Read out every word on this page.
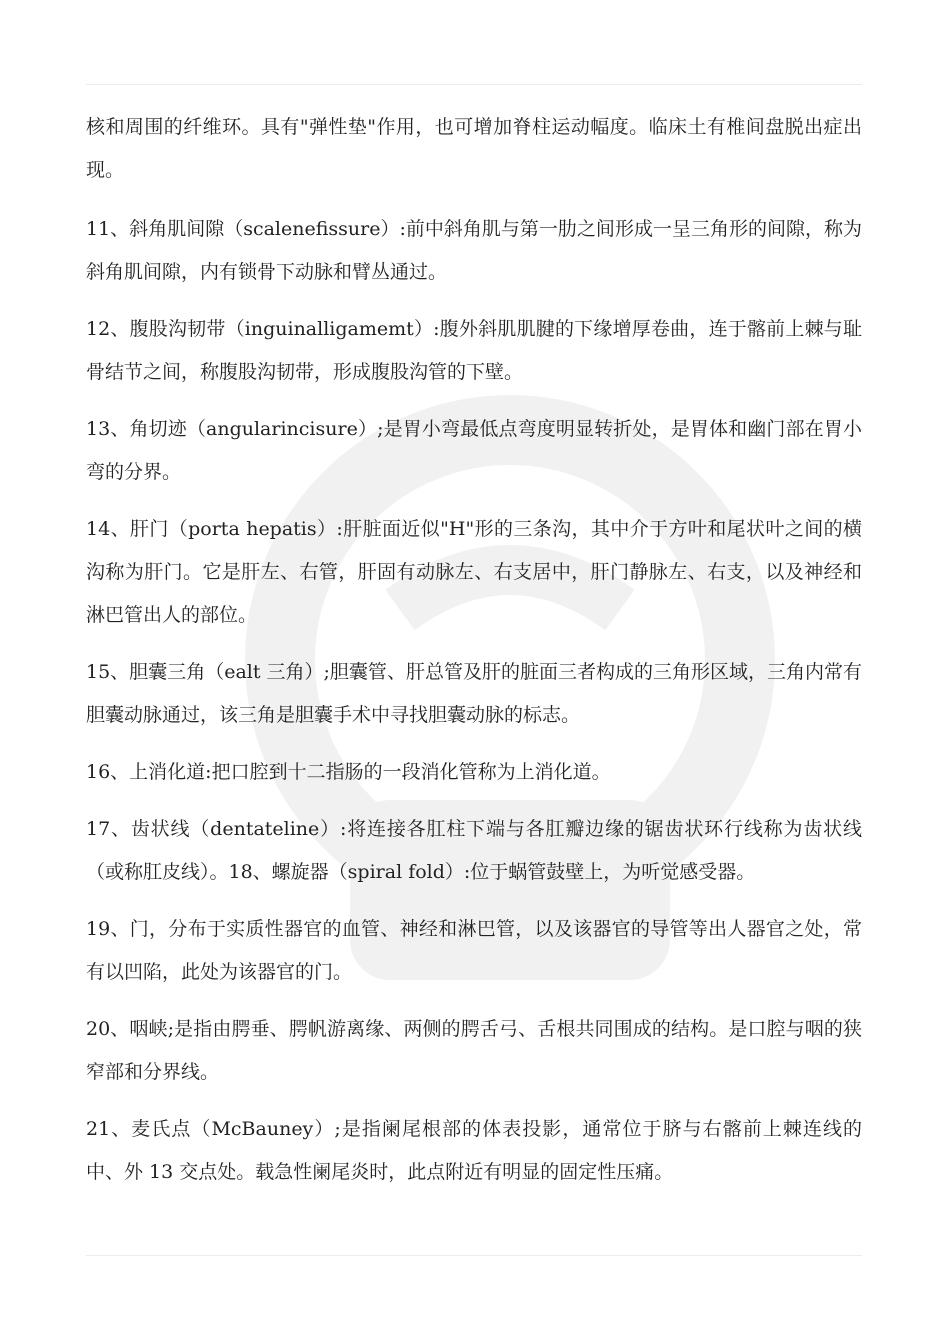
核和周围的纤维环。具有"弹性垫"作用，也可增加脊柱运动幅度。临床土有椎间盘脱出症出现。

11、斜角肌间隙（scalenefissure）:前中斜角肌与第一肋之间形成一呈三角形的间隙，称为斜角肌间隙，内有锁骨下动脉和臂丛通过。

12、腹股沟韧带（inguinalligamemt）:腹外斜肌肌腱的下缘增厚卷曲，连于髂前上棘与耻骨结节之间，称腹股沟韧带，形成腹股沟管的下壁。

13、角切迹（angularincisure）;是胃小弯最低点弯度明显转折处，是胃体和幽门部在胃小弯的分界。

14、肝门（porta hepatis）:肝脏面近似"H"形的三条沟，其中介于方叶和尾状叶之间的横沟称为肝门。它是肝左、右管，肝固有动脉左、右支居中，肝门静脉左、右支，以及神经和淋巴管出人的部位。

15、胆囊三角（ealt 三角）;胆囊管、肝总管及肝的脏面三者构成的三角形区域，三角内常有胆囊动脉通过，该三角是胆囊手术中寻找胆囊动脉的标志。

16、上消化道:把口腔到十二指肠的一段消化管称为上消化道。

17、齿状线（dentateline）:将连接各肛柱下端与各肛瓣边缘的锯齿状环行线称为齿状线（或称肛皮线）。18、螺旋器（spiral fold）:位于蜗管鼓壁上，为听觉感受器。

19、门，分布于实质性器官的血管、神经和淋巴管，以及该器官的导管等出人器官之处，常有以凹陷，此处为该器官的门。

20、咽峡;是指由腭垂、腭帆游离缘、两侧的腭舌弓、舌根共同围成的结构。是口腔与咽的狭窄部和分界线。

21、麦氏点（McBauney）;是指阑尾根部的体表投影，通常位于脐与右髂前上棘连线的中、外 13 交点处。载急性阑尾炎时，此点附近有明显的固定性压痛。
